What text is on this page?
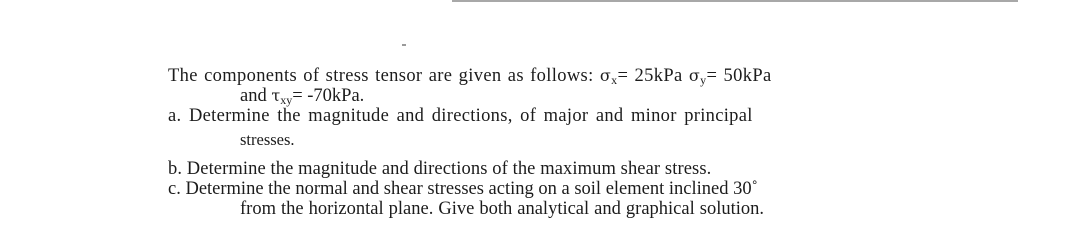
The components of stress tensor are given as follows: $\sigma_x= 25kPa$ $\sigma_y= 50kPa$
and $\tau_{xy}= -70kPa$.
a. Determine the magnitude and directions, of major and minor principal
stresses.
b. Determine the magnitude and directions of the maximum shear stress.
c. Determine the normal and shear stresses acting on a soil element inclined 30˚
from the horizontal plane. Give both analytical and graphical solution.
